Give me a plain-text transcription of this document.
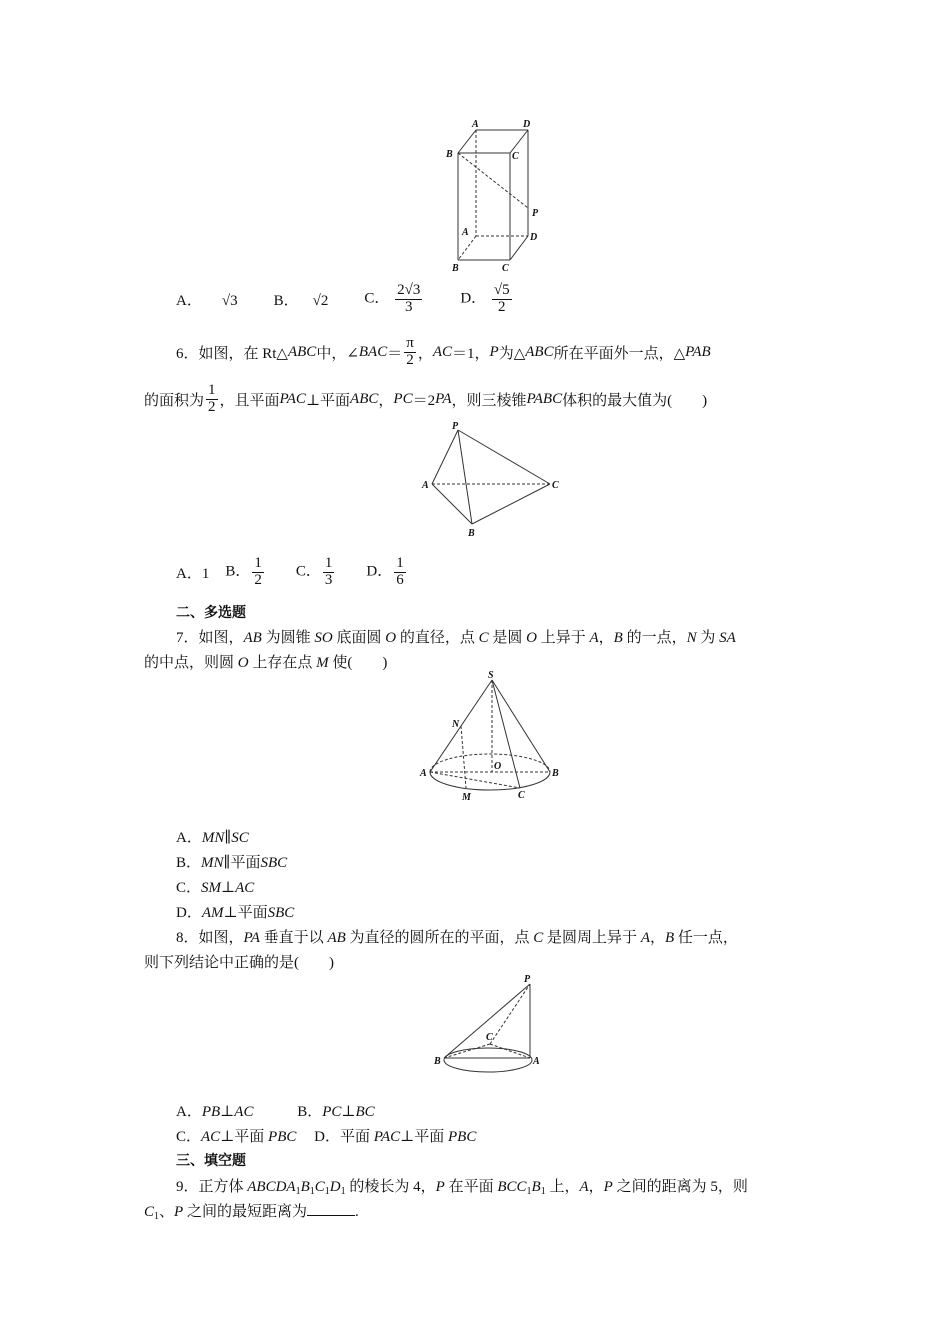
A	D
B	C
P
A	D
B	C
A． √3 B． √2 C． $\frac{2√3}{3}$	D． $\frac{√5}{2}$
6．如图，在 Rt△ ABC 中，∠ BAC ＝ $\frac{\pi}{2}$ ， AC ＝1， P 为△ ABC 所在平面外一点，△ PAB
的面积为 $\frac{1}{2}$ ，且平面 PAC ⊥平面 ABC ， PC ＝2 PA ，则三棱锥 PABC 体积的最大值为(　　)
P
A	C
B
A．1 B． $\frac{1}{2}$ C． $\frac{1}{3}$ D． $\frac{1}{6}$
二、多选题
7．如图，AB 为圆锥 SO 底面圆 O 的直径，点 C 是圆 O 上异于 A，B 的一点，N 为 SA
的中点，则圆 O 上存在点 M 使(　　)
S
N
O
A	B
M	C
A．MN∥SC
B．MN∥平面SBC
C．SM⊥AC
D．AM⊥平面SBC
8．如图，PA 垂直于以 AB 为直径的圆所在的平面，点 C 是圆周上异于 A，B 任一点，
则下列结论中正确的是(　　)
P
C
B	A
A．PB⊥AC	B．PC⊥BC
C．AC⊥平面 PBC D．平面 PAC⊥平面 PBC
三、填空题
9．正方体 $ABCDA_1B_1C_1D_1$ 的棱长为 4，P 在平面 $BCC_1B_1$ 上，A，P 之间的距离为 5，则
$C_1$、P 之间的最短距离为	.
